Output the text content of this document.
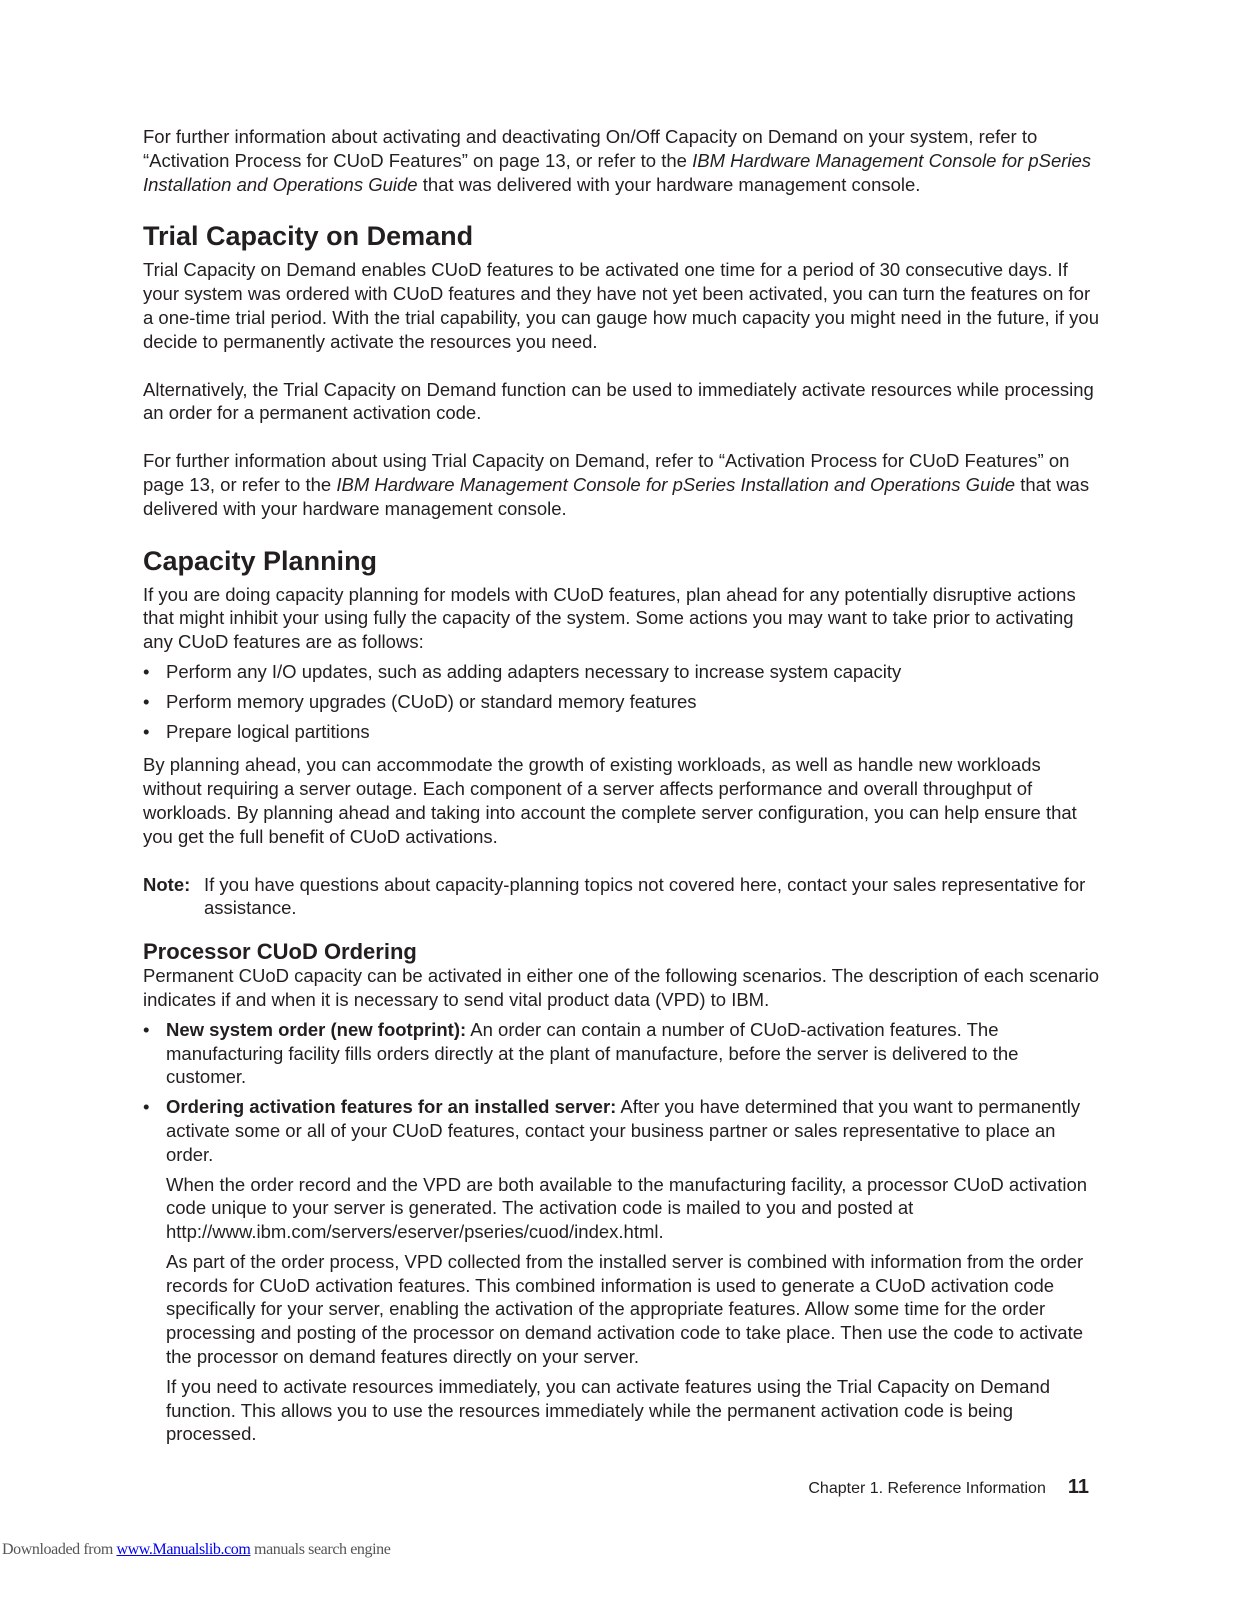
For further information about activating and deactivating On/Off Capacity on Demand on your system, refer to “Activation Process for CUoD Features” on page 13, or refer to the IBM Hardware Management Console for pSeries Installation and Operations Guide that was delivered with your hardware management console.

Trial Capacity on Demand

Trial Capacity on Demand enables CUoD features to be activated one time for a period of 30 consecutive days. If your system was ordered with CUoD features and they have not yet been activated, you can turn the features on for a one-time trial period. With the trial capability, you can gauge how much capacity you might need in the future, if you decide to permanently activate the resources you need.

Alternatively, the Trial Capacity on Demand function can be used to immediately activate resources while processing an order for a permanent activation code.

For further information about using Trial Capacity on Demand, refer to “Activation Process for CUoD Features” on page 13, or refer to the IBM Hardware Management Console for pSeries Installation and Operations Guide that was delivered with your hardware management console.

Capacity Planning

If you are doing capacity planning for models with CUoD features, plan ahead for any potentially disruptive actions that might inhibit your using fully the capacity of the system. Some actions you may want to take prior to activating any CUoD features are as follows:

• Perform any I/O updates, such as adding adapters necessary to increase system capacity
• Perform memory upgrades (CUoD) or standard memory features
• Prepare logical partitions

By planning ahead, you can accommodate the growth of existing workloads, as well as handle new workloads without requiring a server outage. Each component of a server affects performance and overall throughput of workloads. By planning ahead and taking into account the complete server configuration, you can help ensure that you get the full benefit of CUoD activations.

Note: If you have questions about capacity-planning topics not covered here, contact your sales representative for assistance.
Processor CUoD Ordering

Permanent CUoD capacity can be activated in either one of the following scenarios. The description of each scenario indicates if and when it is necessary to send vital product data (VPD) to IBM.

• New system order (new footprint): An order can contain a number of CUoD-activation features. The manufacturing facility fills orders directly at the plant of manufacture, before the server is delivered to the customer.
• Ordering activation features for an installed server: After you have determined that you want to permanently activate some or all of your CUoD features, contact your business partner or sales representative to place an order.

When the order record and the VPD are both available to the manufacturing facility, a processor CUoD activation code unique to your server is generated. The activation code is mailed to you and posted at http://www.ibm.com/servers/eserver/pseries/cuod/index.html.

As part of the order process, VPD collected from the installed server is combined with information from the order records for CUoD activation features. This combined information is used to generate a CUoD activation code specifically for your server, enabling the activation of the appropriate features. Allow some time for the order processing and posting of the processor on demand activation code to take place. Then use the code to activate the processor on demand features directly on your server.

If you need to activate resources immediately, you can activate features using the Trial Capacity on Demand function. This allows you to use the resources immediately while the permanent activation code is being processed.

Chapter 1. Reference Information 11
Downloaded from www.Manualslib.com manuals search engine
